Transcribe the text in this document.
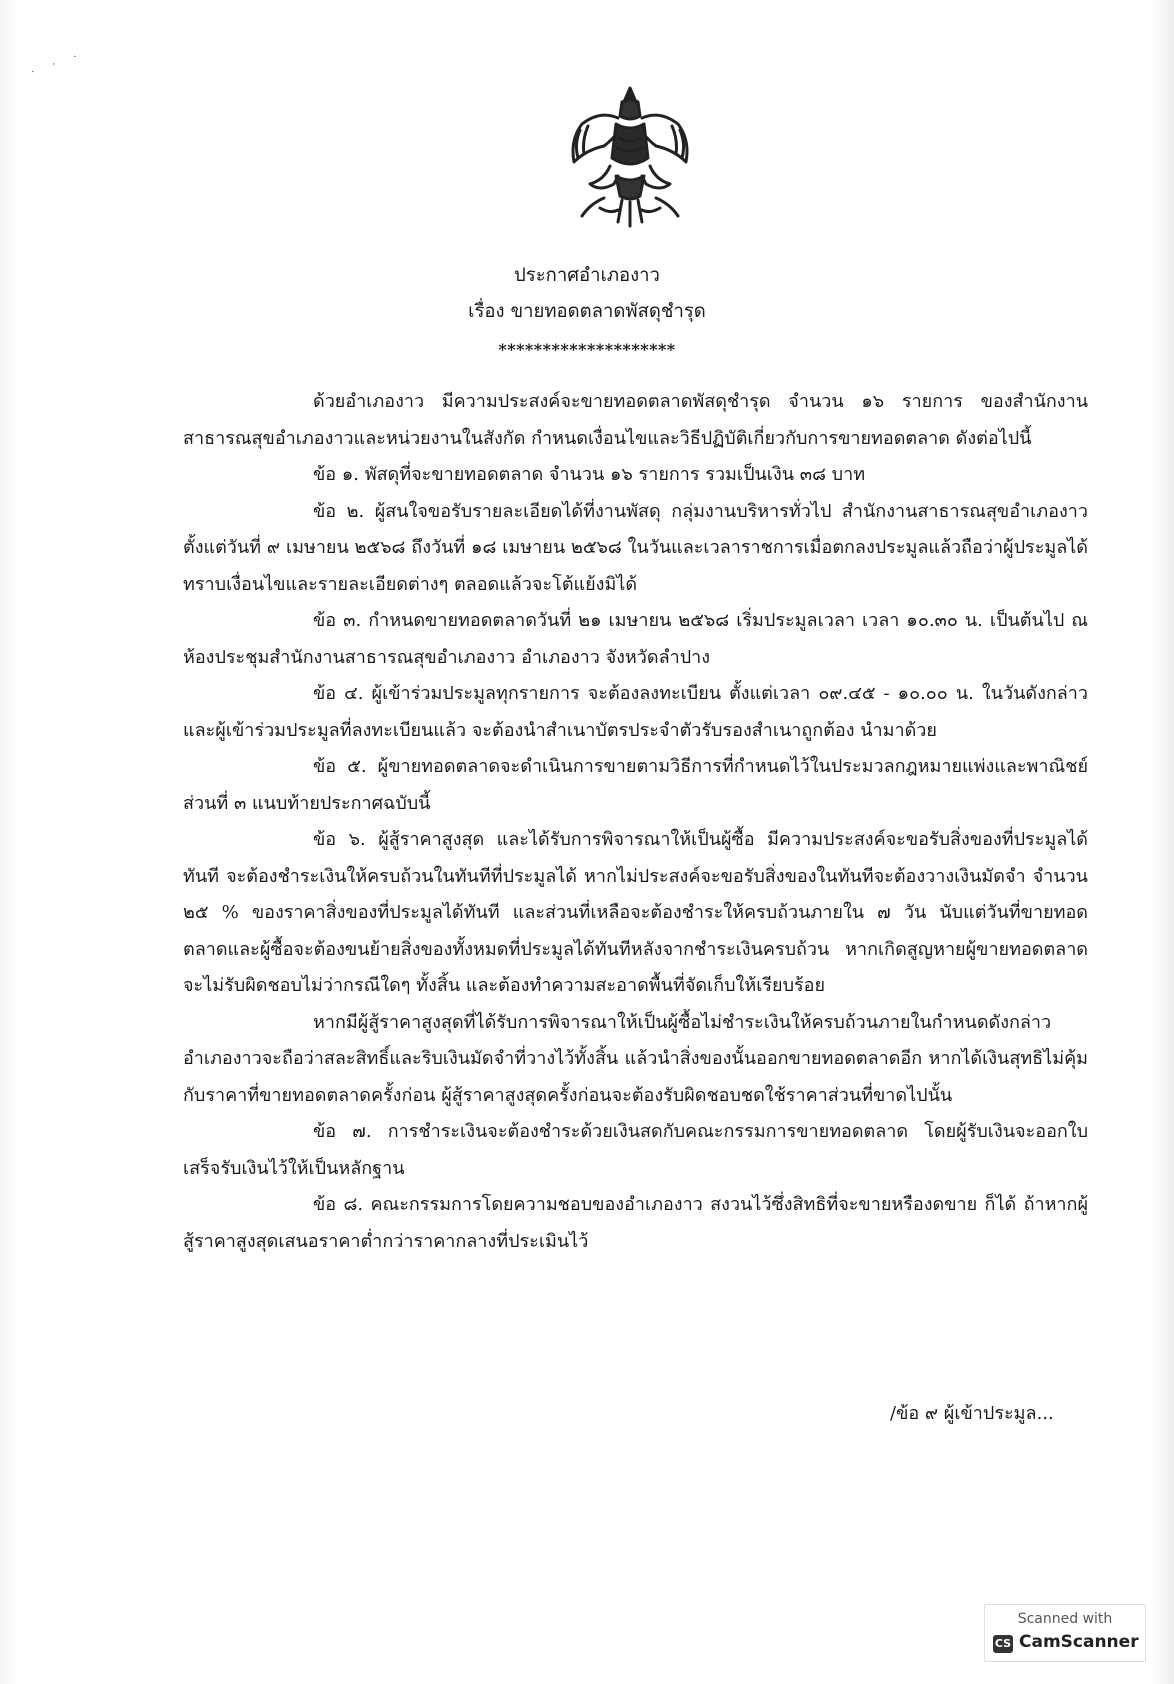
· · ·
ประกาศอำเภองาว
เรื่อง ขายทอดตลาดพัสดุชำรุด
********************

ด้วยอำเภองาว มีความประสงค์จะขายทอดตลาดพัสดุชำรุด จำนวน ๑๖ รายการ ของสำนักงานสาธารณสุขอำเภองาวและหน่วยงานในสังกัด กำหนดเงื่อนไขและวิธีปฏิบัติเกี่ยวกับการขายทอดตลาด ดังต่อไปนี้

ข้อ ๑. พัสดุที่จะขายทอดตลาด จำนวน ๑๖ รายการ รวมเป็นเงิน ๓๘ บาท

ข้อ ๒. ผู้สนใจขอรับรายละเอียดได้ที่งานพัสดุ กลุ่มงานบริหารทั่วไป สำนักงานสาธารณสุขอำเภองาว ตั้งแต่วันที่ ๙ เมษายน ๒๕๖๘ ถึงวันที่ ๑๘ เมษายน ๒๕๖๘ ในวันและเวลาราชการเมื่อตกลงประมูลแล้วถือว่าผู้ประมูลได้ทราบเงื่อนไขและรายละเอียดต่างๆ ตลอดแล้วจะโต้แย้งมิได้

ข้อ ๓. กำหนดขายทอดตลาดวันที่ ๒๑ เมษายน ๒๕๖๘ เริ่มประมูลเวลา เวลา ๑๐.๓๐ น. เป็นต้นไป ณ ห้องประชุมสำนักงานสาธารณสุขอำเภองาว อำเภองาว จังหวัดลำปาง

ข้อ ๔. ผู้เข้าร่วมประมูลทุกรายการ จะต้องลงทะเบียน ตั้งแต่เวลา ๐๙.๔๕ - ๑๐.๐๐ น. ในวันดังกล่าว และผู้เข้าร่วมประมูลที่ลงทะเบียนแล้ว จะต้องนำสำเนาบัตรประจำตัวรับรองสำเนาถูกต้อง นำมาด้วย

ข้อ ๕. ผู้ขายทอดตลาดจะดำเนินการขายตามวิธีการที่กำหนดไว้ในประมวลกฎหมายแพ่งและพาณิชย์ส่วนที่ ๓ แนบท้ายประกาศฉบับนี้

ข้อ ๖. ผู้สู้ราคาสูงสุด และได้รับการพิจารณาให้เป็นผู้ซื้อ มีความประสงค์จะขอรับสิ่งของที่ประมูลได้ทันที จะต้องชำระเงินให้ครบถ้วนในทันทีที่ประมูลได้ หากไม่ประสงค์จะขอรับสิ่งของในทันทีจะต้องวางเงินมัดจำ จำนวน ๒๕ % ของราคาสิ่งของที่ประมูลได้ทันที และส่วนที่เหลือจะต้องชำระให้ครบถ้วนภายใน ๗ วัน นับแต่วันที่ขายทอดตลาดและผู้ซื้อจะต้องขนย้ายสิ่งของทั้งหมดที่ประมูลได้ทันทีหลังจากชำระเงินครบถ้วน หากเกิดสูญหายผู้ขายทอดตลาดจะไม่รับผิดชอบไม่ว่ากรณีใดๆ ทั้งสิ้น และต้องทำความสะอาดพื้นที่จัดเก็บให้เรียบร้อย

หากมีผู้สู้ราคาสูงสุดที่ได้รับการพิจารณาให้เป็นผู้ซื้อไม่ชำระเงินให้ครบถ้วนภายในกำหนดดังกล่าว อำเภองาวจะถือว่าสละสิทธิ์และริบเงินมัดจำที่วางไว้ทั้งสิ้น แล้วนำสิ่งของนั้นออกขายทอดตลาดอีก หากได้เงินสุทธิไม่คุ้มกับราคาที่ขายทอดตลาดครั้งก่อน ผู้สู้ราคาสูงสุดครั้งก่อนจะต้องรับผิดชอบชดใช้ราคาส่วนที่ขาดไปนั้น

ข้อ ๗. การชำระเงินจะต้องชำระด้วยเงินสดกับคณะกรรมการขายทอดตลาด โดยผู้รับเงินจะออกใบเสร็จรับเงินไว้ให้เป็นหลักฐาน

ข้อ ๘. คณะกรรมการโดยความชอบของอำเภองาว สงวนไว้ซึ่งสิทธิที่จะขายหรืองดขาย ก็ได้ ถ้าหากผู้สู้ราคาสูงสุดเสนอราคาต่ำกว่าราคากลางที่ประเมินไว้

/ข้อ ๙ ผู้เข้าประมูล...
Scanned with
CS CamScanner
